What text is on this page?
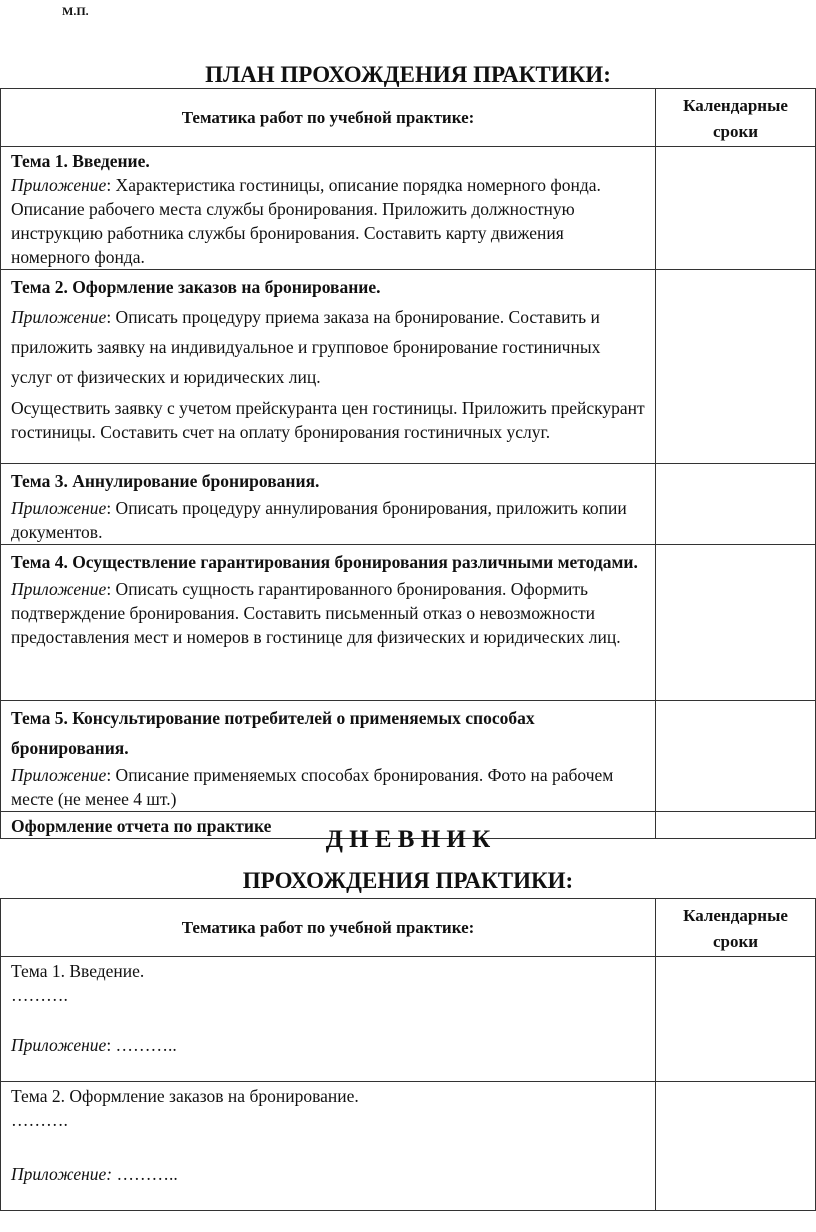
М.П.
ПЛАН ПРОХОЖДЕНИЯ ПРАКТИКИ:
Тематика работ по учебной практике:	Календарные
сроки

Тема 1. Введение.

Приложение: Характеристика гостиницы, описание порядка номерного фонда. Описание рабочего места службы бронирования. Приложить должностную инструкцию работника службы бронирования. Составить карту движения номерного фонда.	

Тема 2. Оформление заказов на бронирование.

Приложение: Описать процедуру приема заказа на бронирование. Составить и приложить заявку на индивидуальное и групповое бронирование гостиничных услуг от физических и юридических лиц.

Осуществить заявку с учетом прейскуранта цен гостиницы. Приложить прейскурант гостиницы. Составить счет на оплату бронирования гостиничных услуг.	

Тема 3. Аннулирование бронирования.

Приложение: Описать процедуру аннулирования бронирования, приложить копии документов.	

Тема 4. Осуществление гарантирования бронирования различными методами.

Приложение: Описать сущность гарантированного бронирования. Оформить подтверждение бронирования. Составить письменный отказ о невозможности предоставления мест и номеров в гостинице для физических и юридических лиц.	

Тема 5. Консультирование потребителей о применяемых способах бронирования.

Приложение: Описание применяемых способах бронирования. Фото на рабочем месте (не менее 4 шт.)	

Оформление отчета по практике	

		Д Н Е В Н И К
ПРОХОЖДЕНИЯ ПРАКТИКИ:
Тематика работ по учебной практике:	Календарные
сроки

Тема 1. Введение.

……….

Приложение: ………..	

Тема 2. Оформление заказов на бронирование.

……….

Приложение: ………..	
